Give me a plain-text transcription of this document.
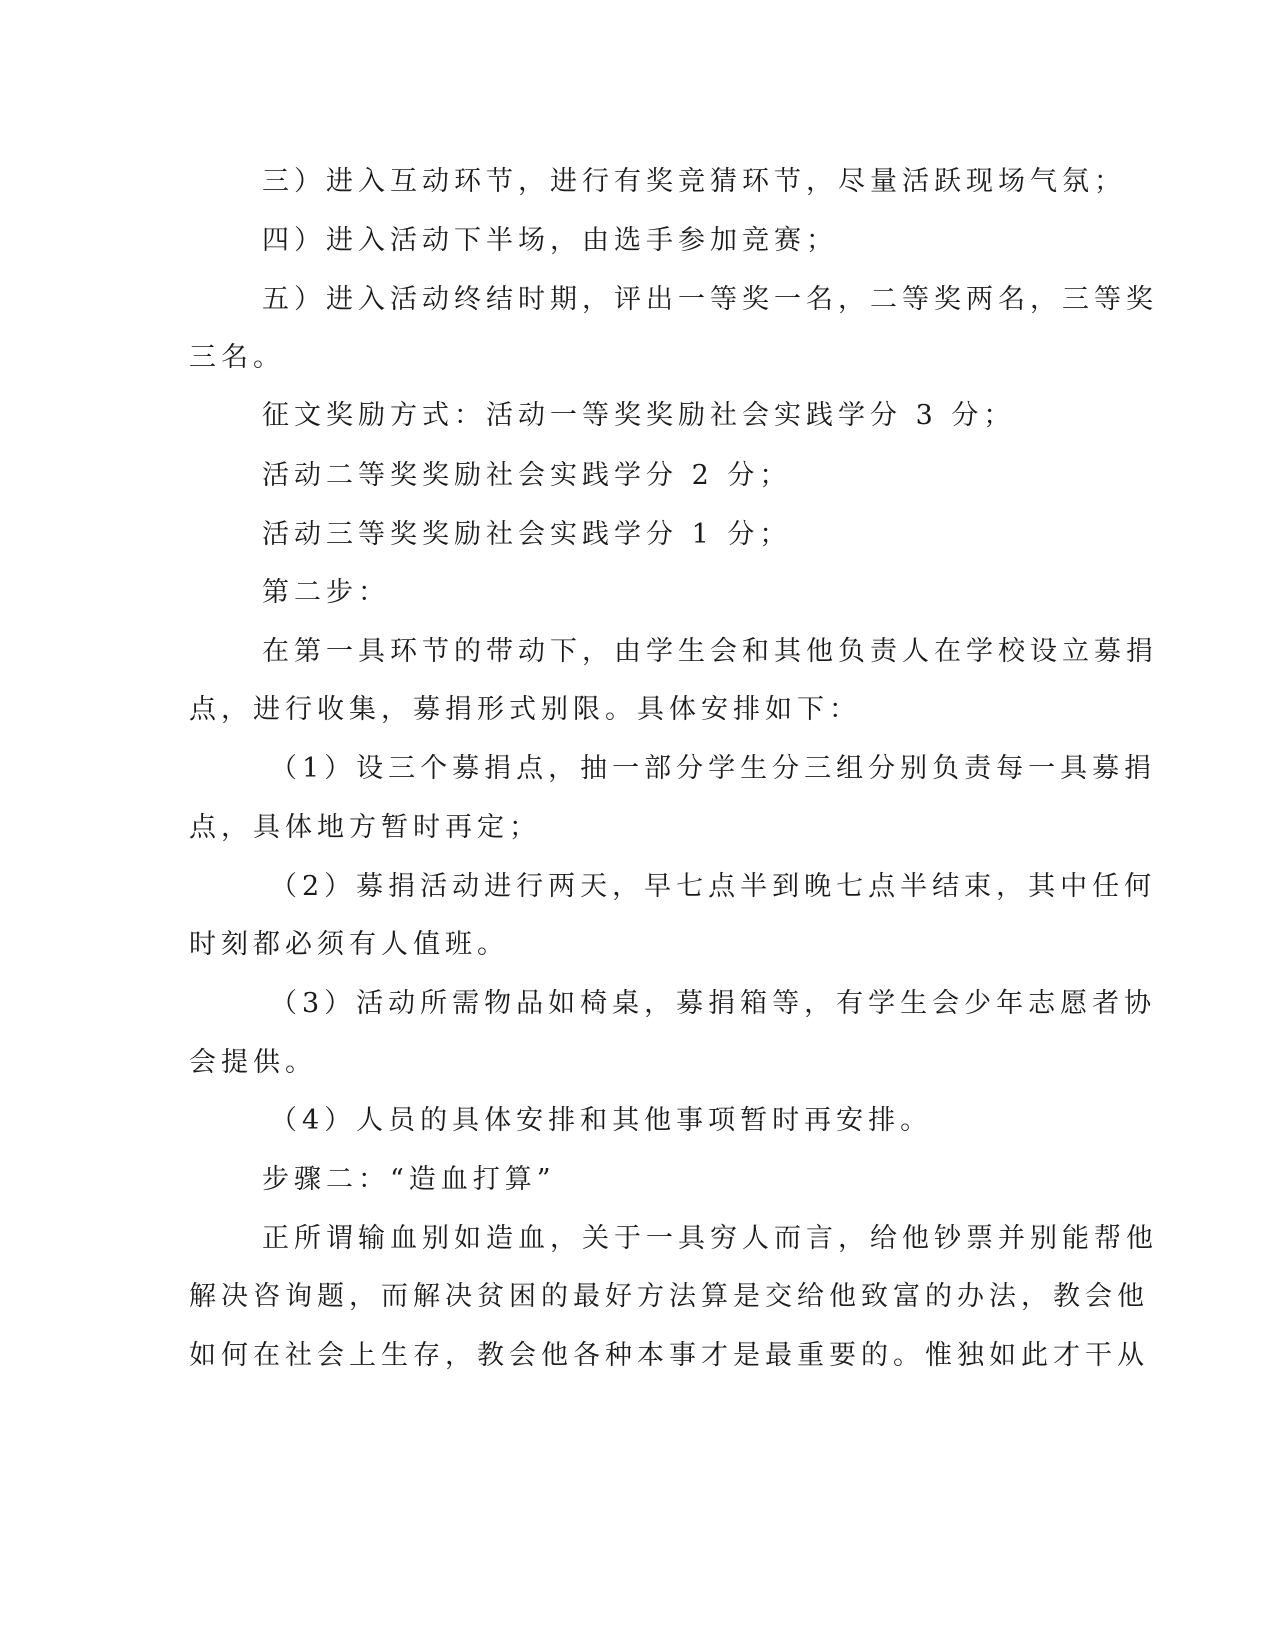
三）进入互动环节，进行有奖竞猜环节，尽量活跃现场气氛；
四）进入活动下半场，由选手参加竞赛；
五）进入活动终结时期，评出一等奖一名，二等奖两名，三等奖
三名。
征文奖励方式：活动一等奖奖励社会实践学分 3 分；
活动二等奖奖励社会实践学分 2 分；
活动三等奖奖励社会实践学分 1 分；
第二步：
在第一具环节的带动下，由学生会和其他负责人在学校设立募捐
点，进行收集，募捐形式别限。具体安排如下：
（1）设三个募捐点，抽一部分学生分三组分别负责每一具募捐
点，具体地方暂时再定；
（2）募捐活动进行两天，早七点半到晚七点半结束，其中任何
时刻都必须有人值班。
（3）活动所需物品如椅桌，募捐箱等，有学生会少年志愿者协
会提供。
（4）人员的具体安排和其他事项暂时再安排。
步骤二：“造血打算”
正所谓输血别如造血，关于一具穷人而言，给他钞票并别能帮他
解决咨询题，而解决贫困的最好方法算是交给他致富的办法，教会他
如何在社会上生存，教会他各种本事才是最重要的。惟独如此才干从
